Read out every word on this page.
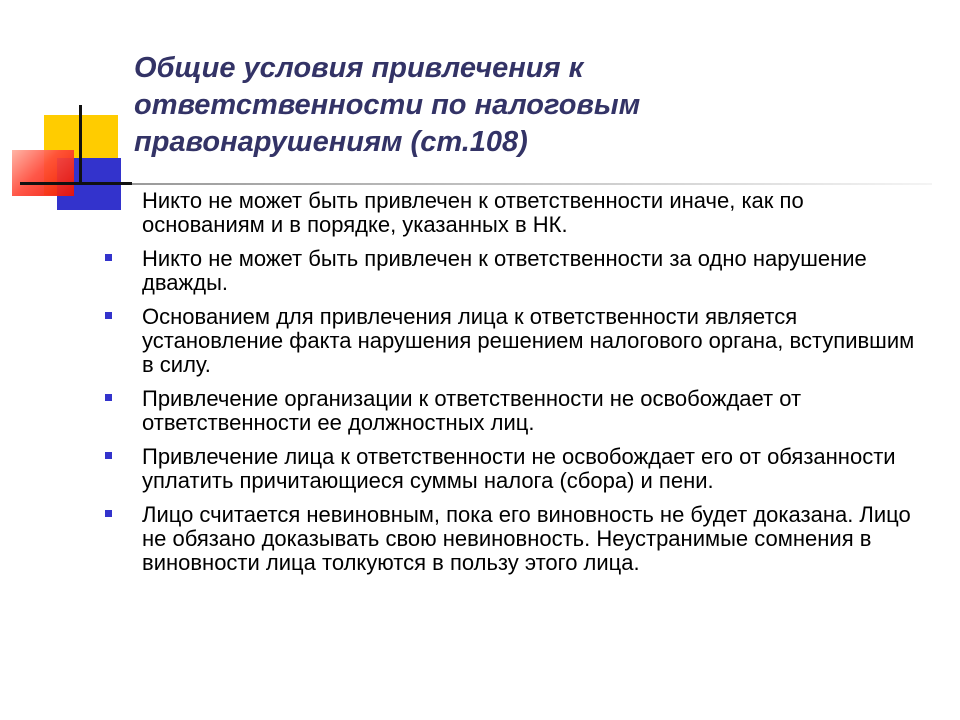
Общие условия привлечения к
ответственности по налоговым
правонарушениям (ст.108)
Никто не может быть привлечен к ответственности иначе, как по основаниям и в порядке, указанных в НК.
Никто не может быть привлечен к ответственности за одно нарушение дважды.
Основанием для привлечения лица к ответственности является установление факта нарушения решением налогового органа, вступившим в силу.
Привлечение организации к ответственности не освобождает от ответственности ее должностных лиц.
Привлечение лица к ответственности не освобождает его от обязанности уплатить причитающиеся суммы налога (сбора) и пени.
Лицо считается невиновным, пока его виновность не будет доказана. Лицо не обязано доказывать свою невиновность. Неустранимые сомнения в виновности лица толкуются в пользу этого лица.
